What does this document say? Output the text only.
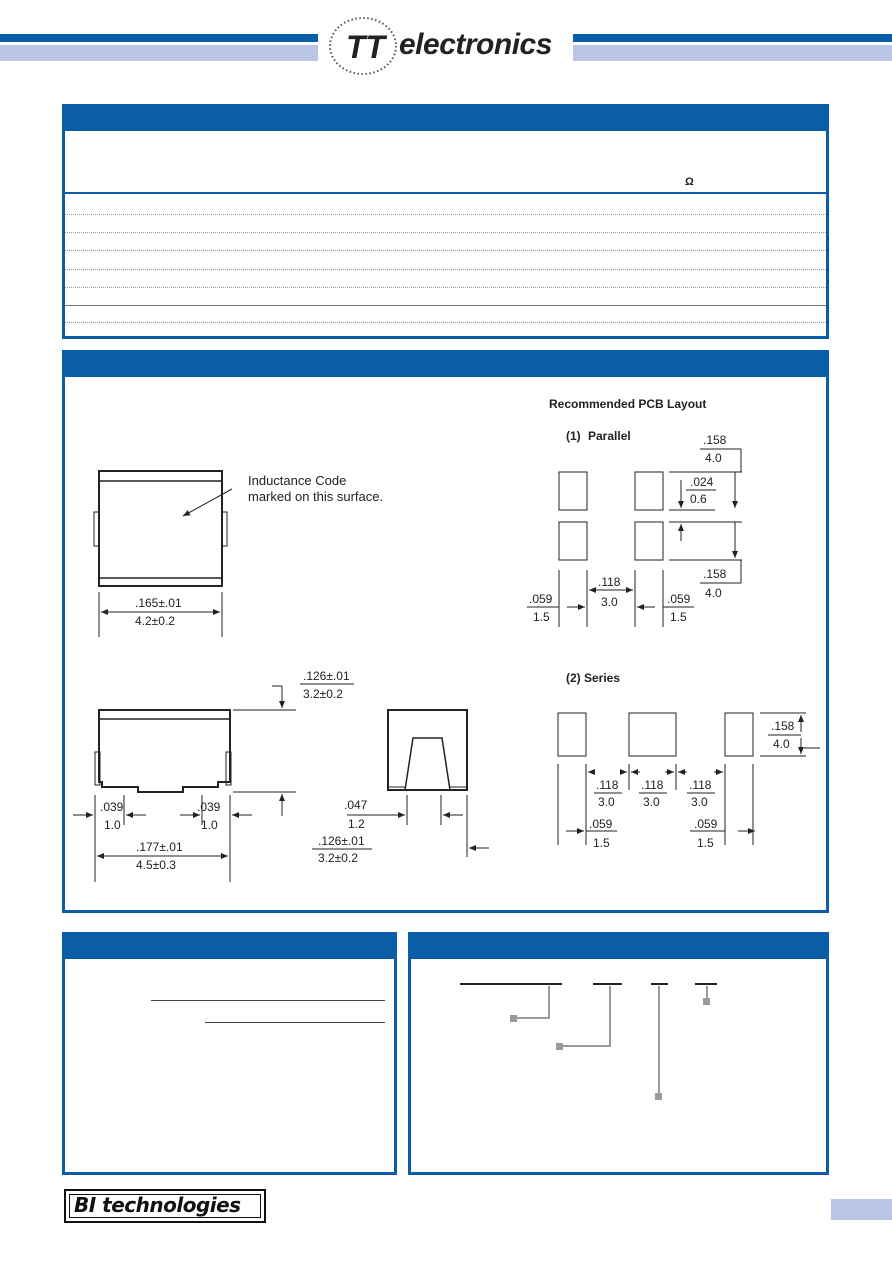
TT electronics
Ω
Recommended PCB Layout
(1) Parallel
(2) Series
Inductance Code
marked on this surface.
.165±.01
4.2±0.2
.126±.01
3.2±0.2
.039
1.0
.039
1.0
.177±.01
4.5±0.3
.047
1.2
.126±.01
3.2±0.2
.158
4.0
.024
0.6
.158
4.0
.118
3.0
.059
1.5
.059
1.5
.158
4.0
.118
3.0
.118
3.0
.118
3.0
.059
1.5
.059
1.5
BI technologies
